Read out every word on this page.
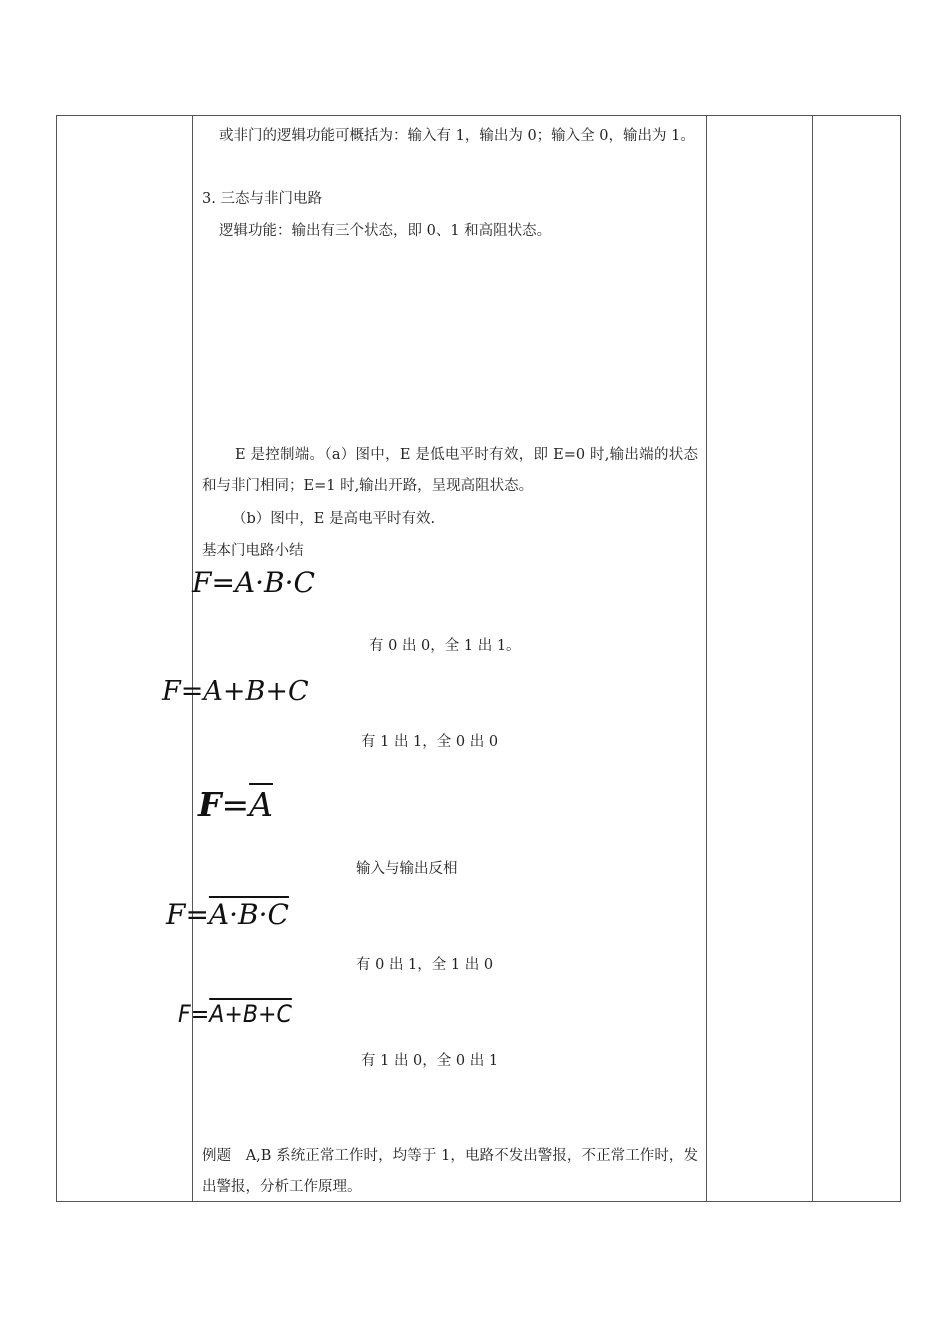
或非门的逻辑功能可概括为：输入有 1，输出为 0；输入全 0，输出为 1。
3. 三态与非门电路
逻辑功能：输出有三个状态，即 0、1 和高阻状态。
E 是控制端。（a）图中，E 是低电平时有效，即 E=0 时,输出端的状态和与非门相同；E=1 时,输出开路，呈现高阻状态。
（b）图中，E 是高电平时有效.
基本门电路小结
F=A·B·C
有 0 出 0，全 1 出 1。
F=A+B+C
有 1 出 1，全 0 出 0
$F=\overline{A}$
输入与输出反相
F=A·B·C
有 0 出 1，全 1 出 0
F=A+B+C
有 1 出 0，全 0 出 1
例题　A,B 系统正常工作时，均等于 1，电路不发出警报，不正常工作时，发出警报，分析工作原理。
